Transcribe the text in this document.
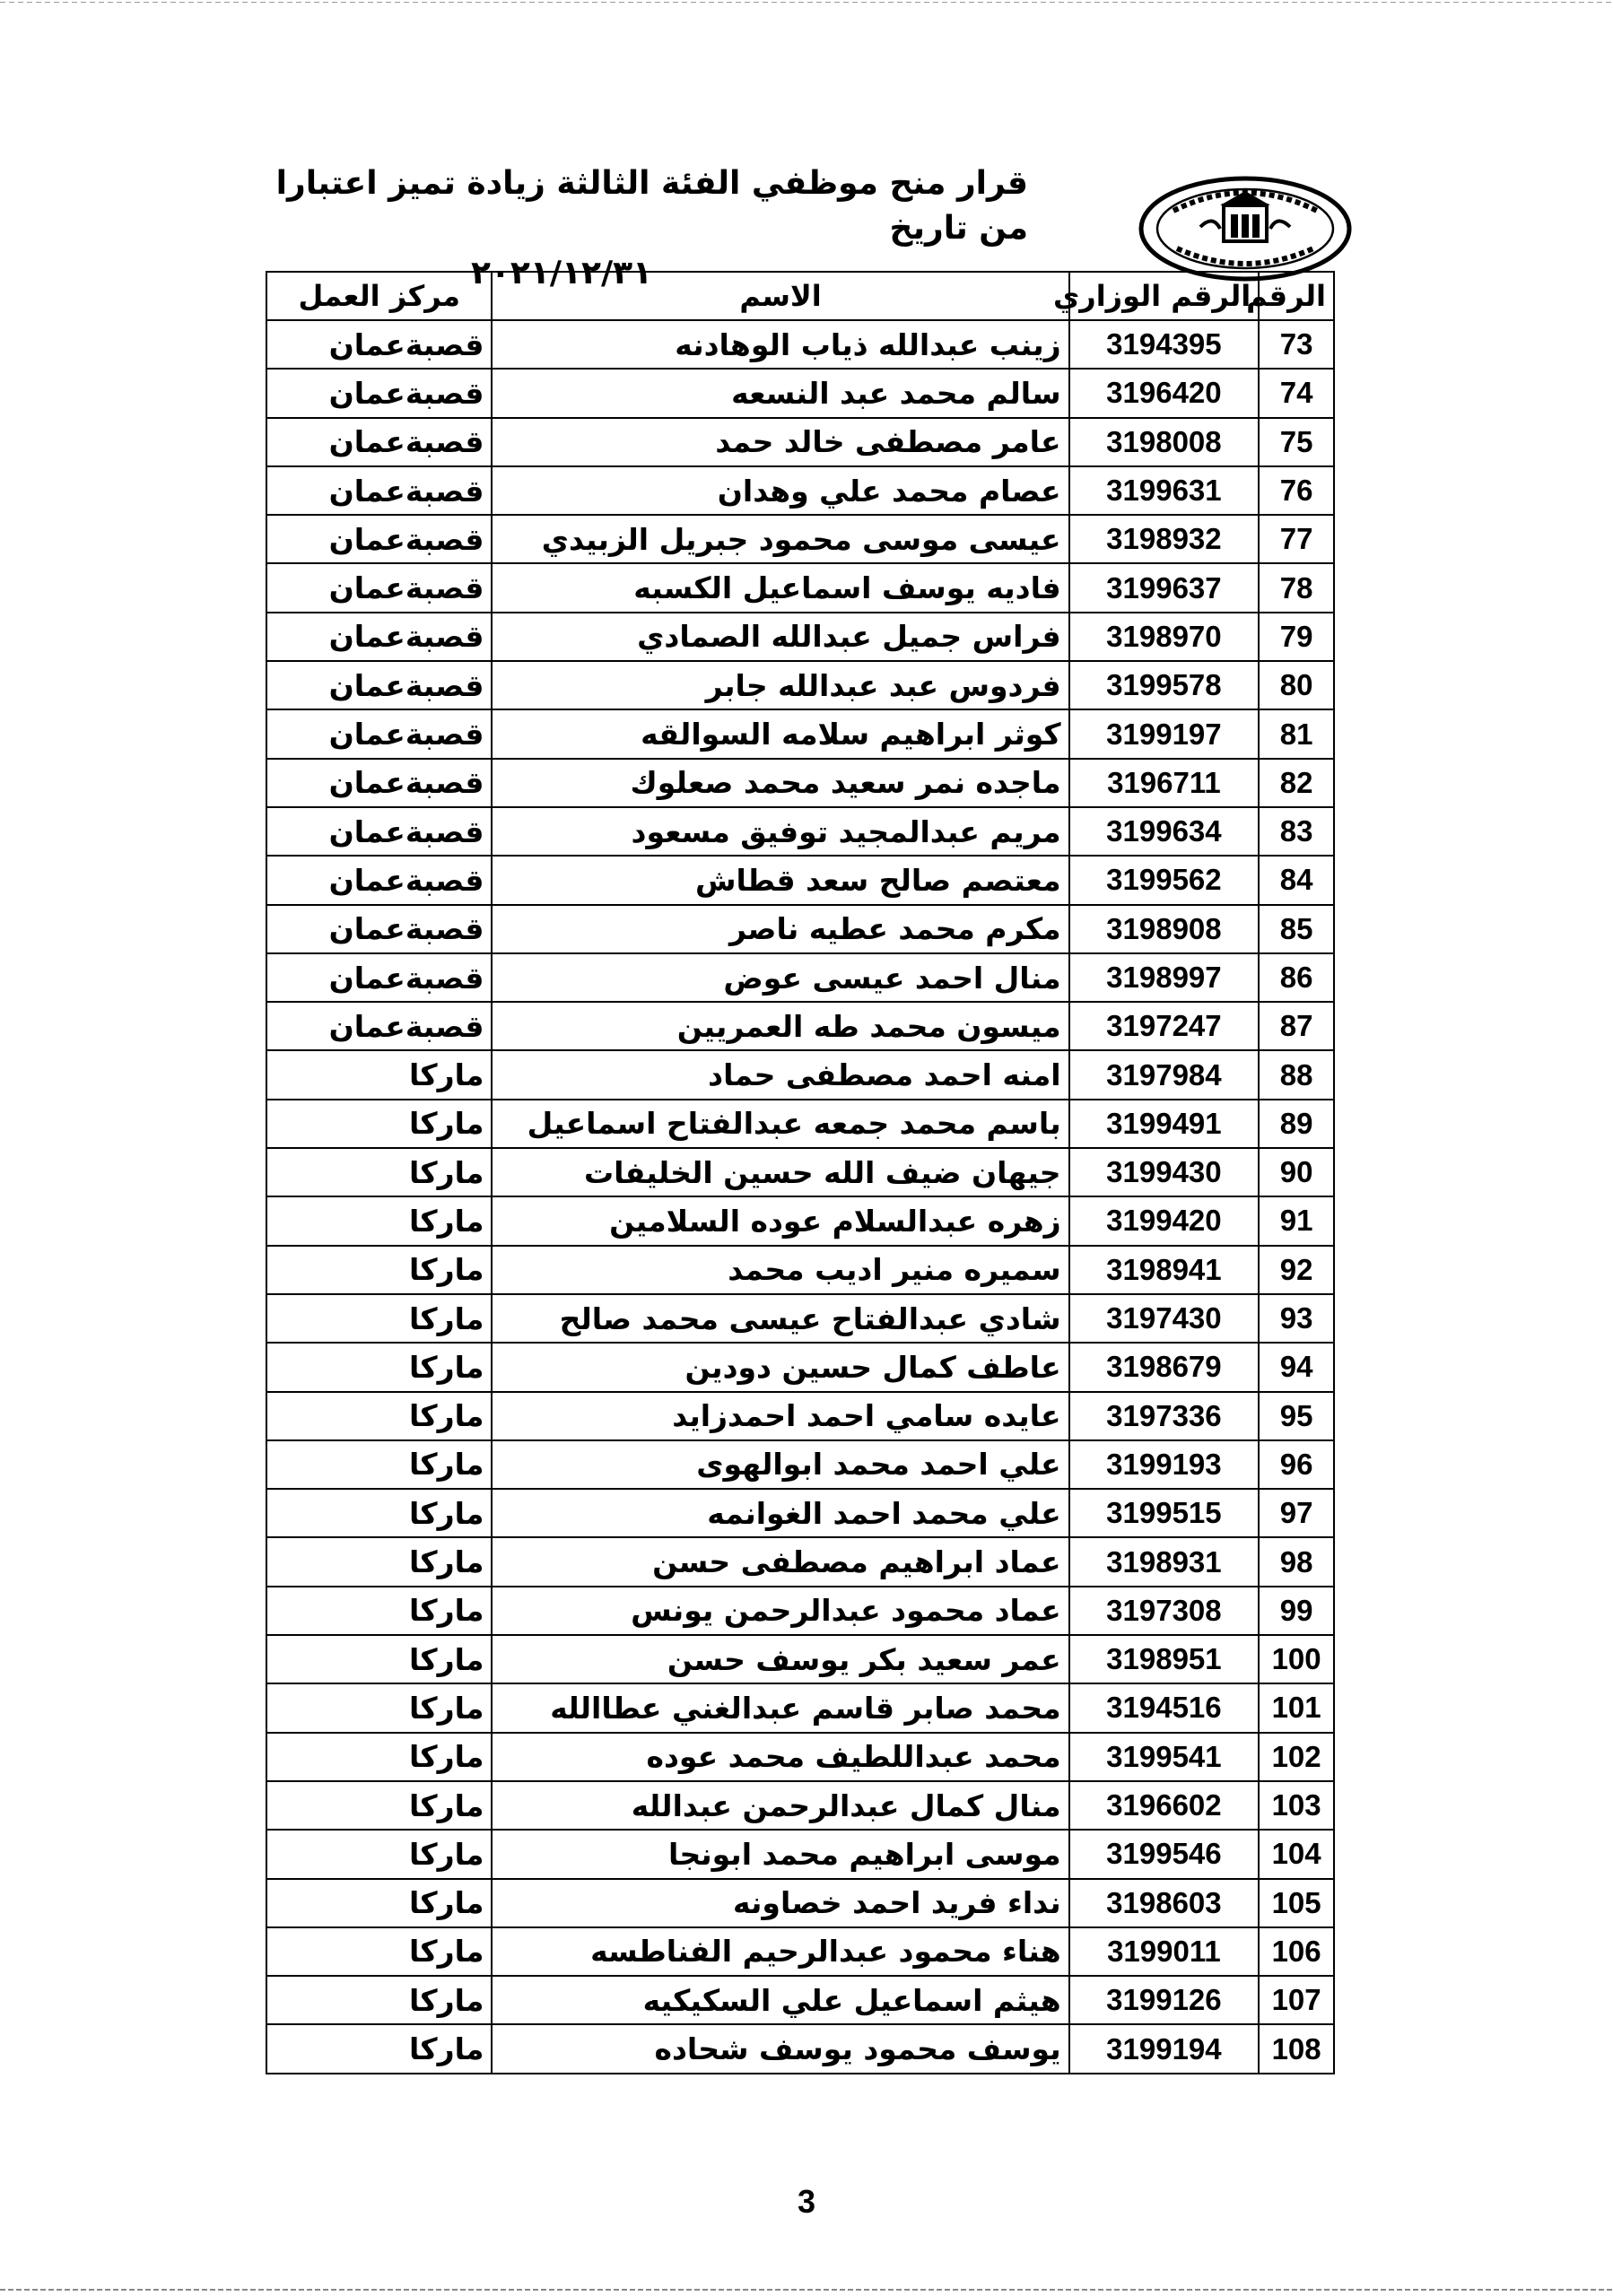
قرار منح موظفي الفئة الثالثة زيادة تميز اعتبارا من تاريخ
٢٠٢١/١٢/٣١
الرقم	الرقم الوزاري	الاسم	مركز العمل
73	3194395	زينب عبدالله ذياب الوهادنه	قصبةعمان
74	3196420	سالم محمد عبد النسعه	قصبةعمان
75	3198008	عامر مصطفى خالد حمد	قصبةعمان
76	3199631	عصام محمد علي وهدان	قصبةعمان
77	3198932	عيسى موسى محمود جبريل الزبيدي	قصبةعمان
78	3199637	فاديه يوسف اسماعيل الكسبه	قصبةعمان
79	3198970	فراس جميل عبدالله الصمادي	قصبةعمان
80	3199578	فردوس عبد عبدالله جابر	قصبةعمان
81	3199197	كوثر ابراهيم سلامه السوالقه	قصبةعمان
82	3196711	ماجده نمر سعيد محمد صعلوك	قصبةعمان
83	3199634	مريم عبدالمجيد توفيق مسعود	قصبةعمان
84	3199562	معتصم صالح سعد قطاش	قصبةعمان
85	3198908	مكرم محمد عطيه ناصر	قصبةعمان
86	3198997	منال احمد عيسى عوض	قصبةعمان
87	3197247	ميسون محمد طه العمريين	قصبةعمان
88	3197984	امنه احمد مصطفى حماد	ماركا
89	3199491	باسم محمد جمعه عبدالفتاح اسماعيل	ماركا
90	3199430	جيهان ضيف الله حسين الخليفات	ماركا
91	3199420	زهره عبدالسلام عوده السلامين	ماركا
92	3198941	سميره منير اديب محمد	ماركا
93	3197430	شادي عبدالفتاح عيسى محمد صالح	ماركا
94	3198679	عاطف كمال حسين دودين	ماركا
95	3197336	عايده سامي احمد احمدزايد	ماركا
96	3199193	علي احمد محمد ابوالهوى	ماركا
97	3199515	علي محمد احمد الغوانمه	ماركا
98	3198931	عماد ابراهيم مصطفى حسن	ماركا
99	3197308	عماد محمود عبدالرحمن يونس	ماركا
100	3198951	عمر سعيد بكر يوسف حسن	ماركا
101	3194516	محمد صابر قاسم عبدالغني عطاالله	ماركا
102	3199541	محمد عبداللطيف محمد عوده	ماركا
103	3196602	منال كمال عبدالرحمن عبدالله	ماركا
104	3199546	موسى ابراهيم محمد ابونجا	ماركا
105	3198603	نداء فريد احمد خصاونه	ماركا
106	3199011	هناء محمود عبدالرحيم الفناطسه	ماركا
107	3199126	هيثم اسماعيل علي السكيكيه	ماركا
108	3199194	يوسف محمود يوسف شحاده	ماركا
3
